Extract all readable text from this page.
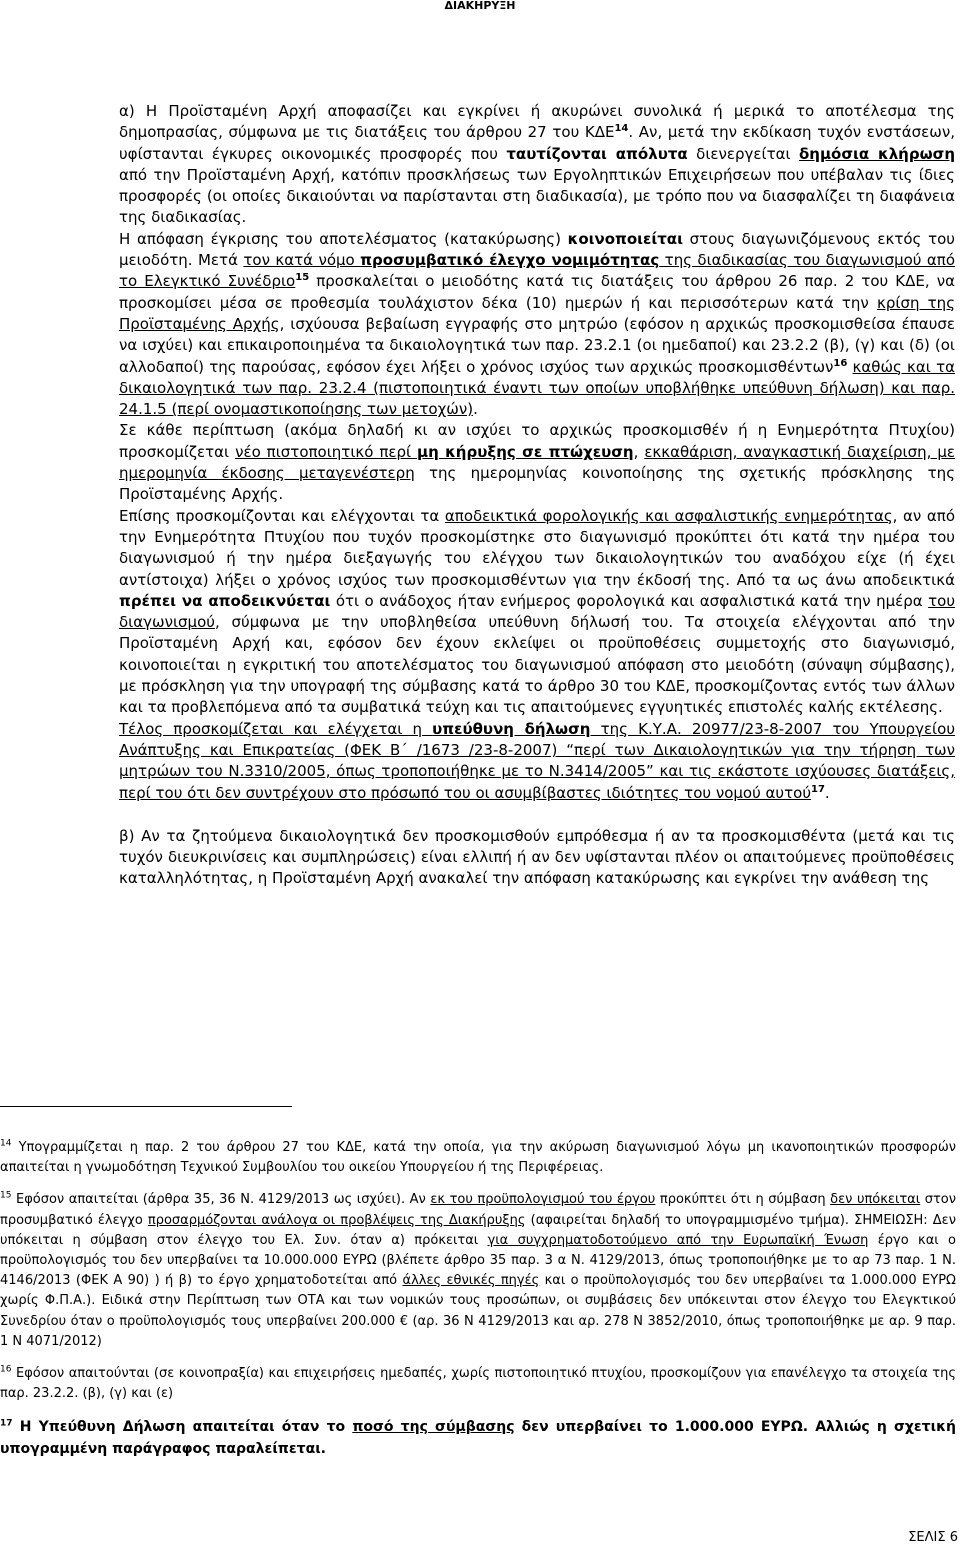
ΔΙΑΚΗΡΥΞΗ

α) Η Προϊσταμένη Αρχή αποφασίζει και εγκρίνει ή ακυρώνει συνολικά ή μερικά το αποτέλεσμα της δημοπρασίας, σύμφωνα με τις διατάξεις του άρθρου 27 του ΚΔΕ$^{14}$. Αν, μετά την εκδίκαση τυχόν ενστάσεων, υφίστανται έγκυρες οικονομικές προσφορές που ταυτίζονται απόλυτα διενεργείται δημόσια κλήρωση από την Προϊσταμένη Αρχή, κατόπιν προσκλήσεως των Εργοληπτικών Επιχειρήσεων που υπέβαλαν τις ίδιες προσφορές (οι οποίες δικαιούνται να παρίστανται στη διαδικασία), με τρόπο που να διασφαλίζει τη διαφάνεια της διαδικασίας.

Η απόφαση έγκρισης του αποτελέσματος (κατακύρωσης) κοινοποιείται στους διαγωνιζόμενους εκτός του μειοδότη. Μετά τον κατά νόμο προσυμβατικό έλεγχο νομιμότητας της διαδικασίας του διαγωνισμού από το Ελεγκτικό Συνέδριο$^{15}$ προσκαλείται ο μειοδότης κατά τις διατάξεις του άρθρου 26 παρ. 2 του ΚΔΕ, να προσκομίσει μέσα σε προθεσμία τουλάχιστον δέκα (10) ημερών ή και περισσότερων κατά την κρίση της Προϊσταμένης Αρχής, ισχύουσα βεβαίωση εγγραφής στο μητρώο (εφόσον η αρχικώς προσκομισθείσα έπαυσε να ισχύει) και επικαιροποιημένα τα δικαιολογητικά των παρ. 23.2.1 (οι ημεδαποί) και 23.2.2 (β), (γ) και (δ) (οι αλλοδαποί) της παρούσας, εφόσον έχει λήξει ο χρόνος ισχύος των αρχικώς προσκομισθέντων$^{16}$ καθώς και τα δικαιολογητικά των παρ. 23.2.4 (πιστοποιητικά έναντι των οποίων υποβλήθηκε υπεύθυνη δήλωση) και παρ. 24.1.5 (περί ονομαστικοποίησης των μετοχών).

Σε κάθε περίπτωση (ακόμα δηλαδή κι αν ισχύει το αρχικώς προσκομισθέν ή η Ενημερότητα Πτυχίου) προσκομίζεται νέο πιστοποιητικό περί μη κήρυξης σε πτώχευση, εκκαθάριση, αναγκαστική διαχείριση, με ημερομηνία έκδοσης μεταγενέστερη της ημερομηνίας κοινοποίησης της σχετικής πρόσκλησης της Προϊσταμένης Αρχής.

Επίσης προσκομίζονται και ελέγχονται τα αποδεικτικά φορολογικής και ασφαλιστικής ενημερότητας, αν από την Ενημερότητα Πτυχίου που τυχόν προσκομίστηκε στο διαγωνισμό προκύπτει ότι κατά την ημέρα του διαγωνισμού ή την ημέρα διεξαγωγής του ελέγχου των δικαιολογητικών του αναδόχου είχε (ή έχει αντίστοιχα) λήξει ο χρόνος ισχύος των προσκομισθέντων για την έκδοσή της. Από τα ως άνω αποδεικτικά πρέπει να αποδεικνύεται ότι ο ανάδοχος ήταν ενήμερος φορολογικά και ασφαλιστικά κατά την ημέρα του διαγωνισμού, σύμφωνα με την υποβληθείσα υπεύθυνη δήλωσή του. Τα στοιχεία ελέγχονται από την Προϊσταμένη Αρχή και, εφόσον δεν έχουν εκλείψει οι προϋποθέσεις συμμετοχής στο διαγωνισμό, κοινοποιείται η εγκριτική του αποτελέσματος του διαγωνισμού απόφαση στο μειοδότη (σύναψη σύμβασης), με πρόσκληση για την υπογραφή της σύμβασης κατά το άρθρο 30 του ΚΔΕ, προσκομίζοντας εντός των άλλων και τα προβλεπόμενα από τα συμβατικά τεύχη και τις απαιτούμενες εγγυητικές επιστολές καλής εκτέλεσης.

Τέλος προσκομίζεται και ελέγχεται η υπεύθυνη δήλωση της Κ.Υ.Α. 20977/23-8-2007 του Υπουργείου Ανάπτυξης και Επικρατείας (ΦΕΚ Β΄ /1673 /23-8-2007) “περί των Δικαιολογητικών για την τήρηση των μητρώων του Ν.3310/2005, όπως τροποποιήθηκε με το Ν.3414/2005” και τις εκάστοτε ισχύουσες διατάξεις, περί του ότι δεν συντρέχουν στο πρόσωπό του οι ασυμβίβαστες ιδιότητες του νομού αυτού$^{17}$.

β) Αν τα ζητούμενα δικαιολογητικά δεν προσκομισθούν εμπρόθεσμα ή αν τα προσκομισθέντα (μετά και τις τυχόν διευκρινίσεις και συμπληρώσεις) είναι ελλιπή ή αν δεν υφίστανται πλέον οι απαιτούμενες προϋποθέσεις καταλληλότητας, η Προϊσταμένη Αρχή ανακαλεί την απόφαση κατακύρωσης και εγκρίνει την ανάθεση της

$^{14}$ Υπογραμμίζεται η παρ. 2 του άρθρου 27 του ΚΔΕ, κατά την οποία, για την ακύρωση διαγωνισμού λόγω μη ικανοποιητικών προσφορών απαιτείται η γνωμοδότηση Τεχνικού Συμβουλίου του οικείου Υπουργείου ή της Περιφέρειας.

$^{15}$ Εφόσον απαιτείται (άρθρα 35, 36 Ν. 4129/2013 ως ισχύει). Αν εκ του προϋπολογισμού του έργου προκύπτει ότι η σύμβαση δεν υπόκειται στον προσυμβατικό έλεγχο προσαρμόζονται ανάλογα οι προβλέψεις της Διακήρυξης (αφαιρείται δηλαδή το υπογραμμισμένο τμήμα). ΣΗΜΕΙΩΣΗ: Δεν υπόκειται η σύμβαση στον έλεγχο του Ελ. Συν. όταν α) πρόκειται για συγχρηματοδοτούμενο από την Ευρωπαϊκή Ένωση έργο και ο προϋπολογισμός του δεν υπερβαίνει τα 10.000.000 ΕΥΡΩ (βλέπετε άρθρο 35 παρ. 3 α Ν. 4129/2013, όπως τροποποιήθηκε με το αρ 73 παρ. 1 Ν. 4146/2013 (ΦΕΚ Α 90) ) ή β) το έργο χρηματοδοτείται από άλλες εθνικές πηγές και ο προϋπολογισμός του δεν υπερβαίνει τα 1.000.000 ΕΥΡΩ χωρίς Φ.Π.Α.). Ειδικά στην Περίπτωση των ΟΤΑ και των νομικών τους προσώπων, οι συμβάσεις δεν υπόκεινται στον έλεγχο του Ελεγκτικού Συνεδρίου όταν ο προϋπολογισμός τους υπερβαίνει 200.000 € (αρ. 36 Ν 4129/2013 και αρ. 278 Ν 3852/2010, όπως τροποποιήθηκε με αρ. 9 παρ. 1 Ν 4071/2012)

$^{16}$ Εφόσον απαιτούνται (σε κοινοπραξία) και επιχειρήσεις ημεδαπές, χωρίς πιστοποιητικό πτυχίου, προσκομίζουν για επανέλεγχο τα στοιχεία της παρ. 23.2.2. (β), (γ) και (ε)

$^{17}$ Η Υπεύθυνη Δήλωση απαιτείται όταν το ποσό της σύμβασης δεν υπερβαίνει το 1.000.000 ΕΥΡΩ. Αλλιώς η σχετική υπογραμμένη παράγραφος παραλείπεται.

ΣΕΛΙΣ 6
